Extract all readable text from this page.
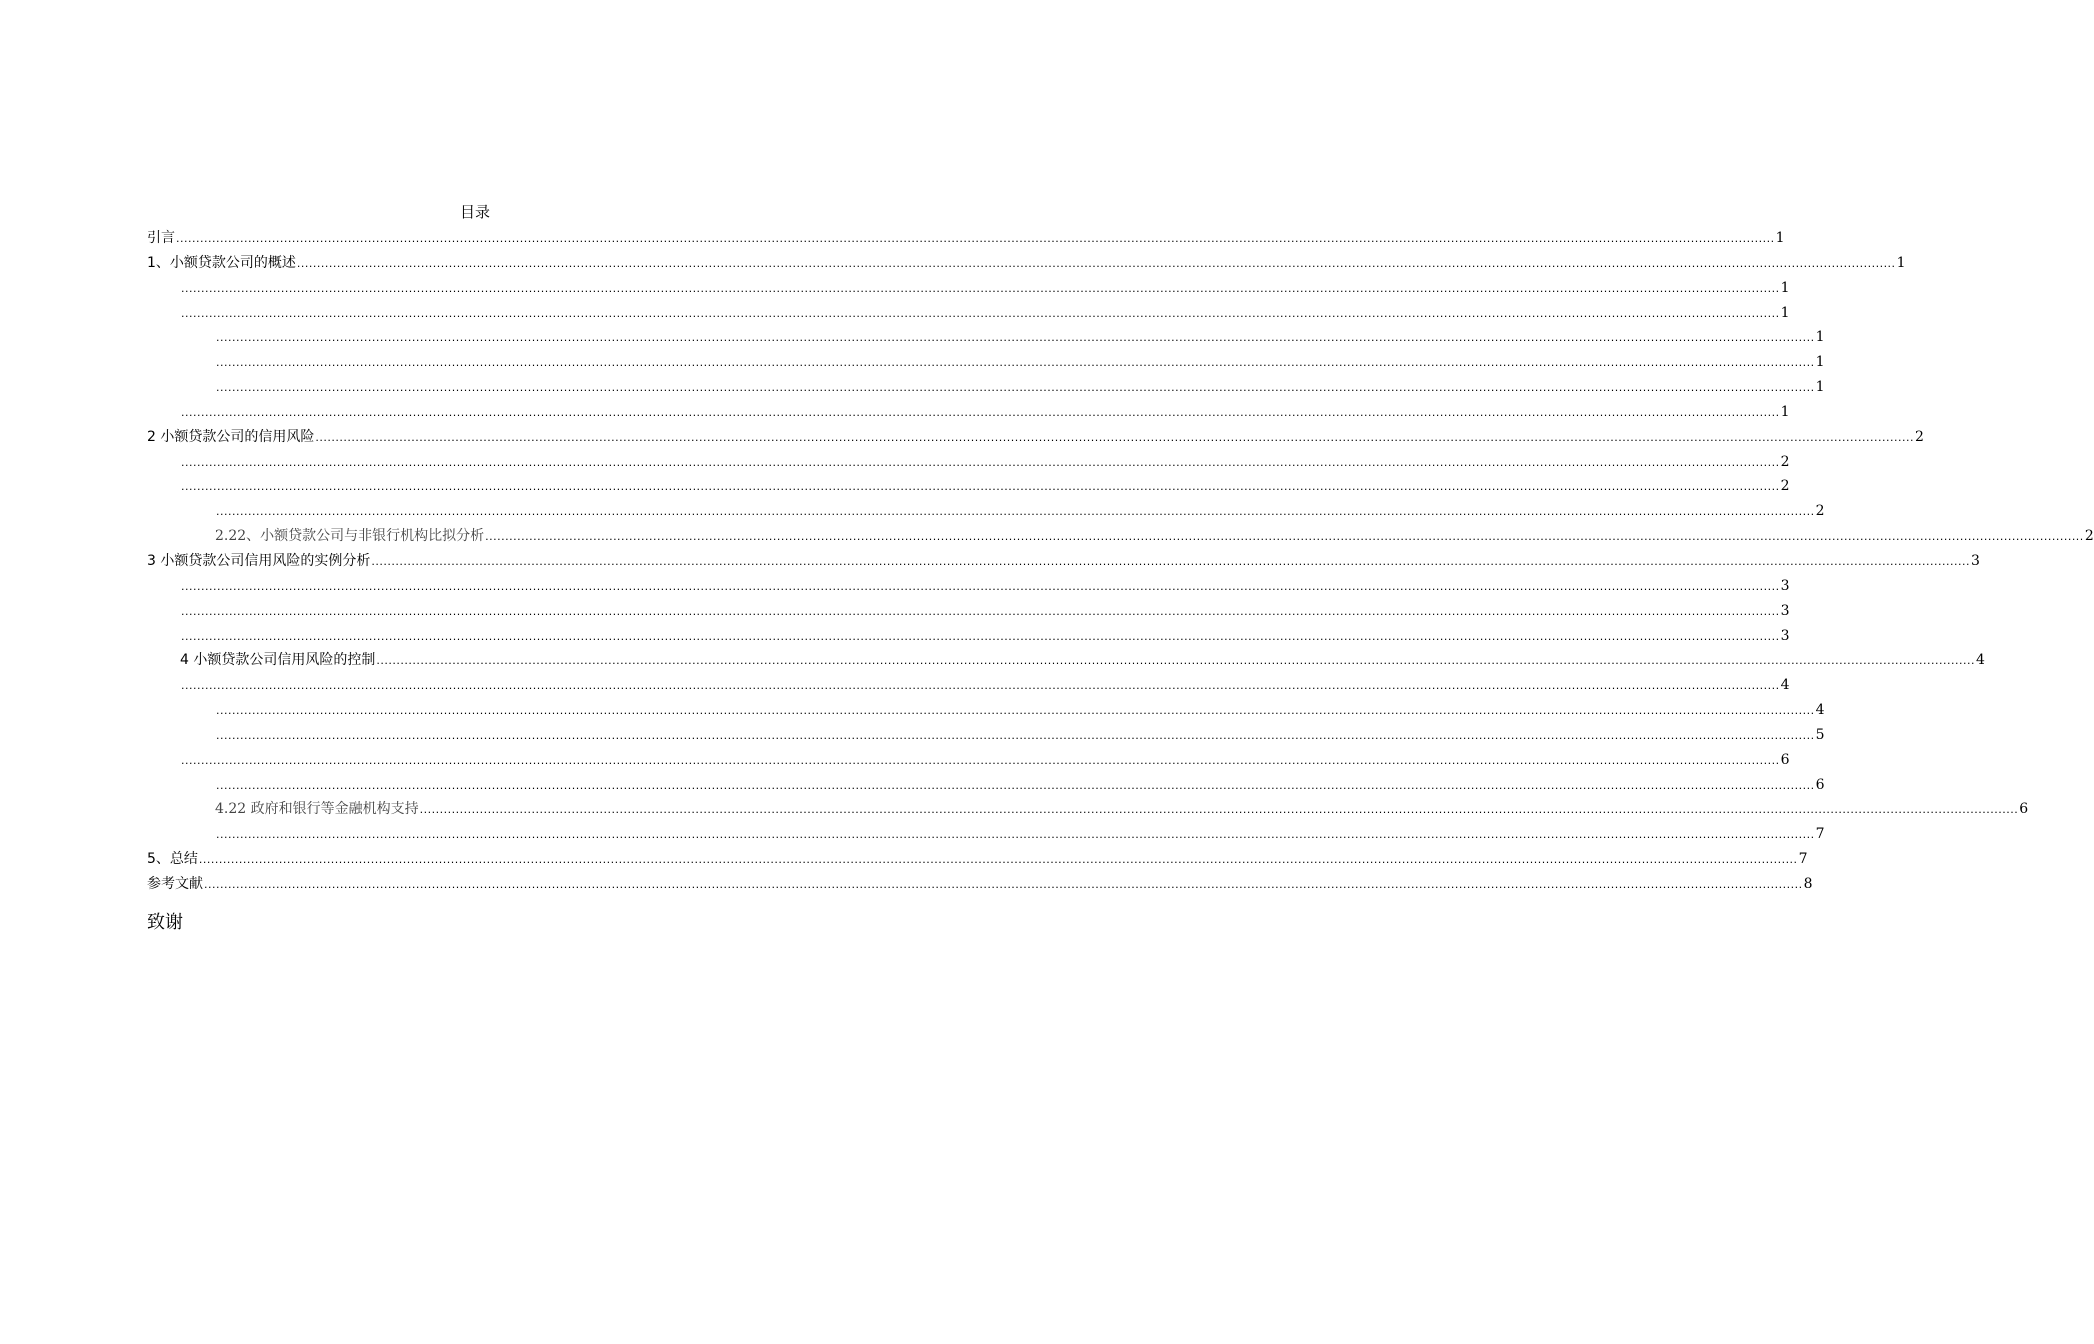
目录
引言 ................................................................................................................................................................................................................................................................................................................................................................................................................ 1
1、小额贷款公司的概述 ................................................................................................................................................................................................................................................................................................................................................................................................................ 1
................................................................................................................................................................................................................................................................................................................................................................................................................ 1
................................................................................................................................................................................................................................................................................................................................................................................................................ 1
................................................................................................................................................................................................................................................................................................................................................................................................................ 1
................................................................................................................................................................................................................................................................................................................................................................................................................ 1
................................................................................................................................................................................................................................................................................................................................................................................................................ 1
................................................................................................................................................................................................................................................................................................................................................................................................................ 1
2 小额贷款公司的信用风险 ................................................................................................................................................................................................................................................................................................................................................................................................................ 2
................................................................................................................................................................................................................................................................................................................................................................................................................ 2
................................................................................................................................................................................................................................................................................................................................................................................................................ 2
................................................................................................................................................................................................................................................................................................................................................................................................................ 2
2.22、小额贷款公司与非银行机构比拟分析 ................................................................................................................................................................................................................................................................................................................................................................................................................ 2
3 小额贷款公司信用风险的实例分析 ................................................................................................................................................................................................................................................................................................................................................................................................................ 3
................................................................................................................................................................................................................................................................................................................................................................................................................ 3
................................................................................................................................................................................................................................................................................................................................................................................................................ 3
................................................................................................................................................................................................................................................................................................................................................................................................................ 3
4 小额贷款公司信用风险的控制 ................................................................................................................................................................................................................................................................................................................................................................................................................ 4
................................................................................................................................................................................................................................................................................................................................................................................................................ 4
................................................................................................................................................................................................................................................................................................................................................................................................................ 4
................................................................................................................................................................................................................................................................................................................................................................................................................ 5
................................................................................................................................................................................................................................................................................................................................................................................................................ 6
................................................................................................................................................................................................................................................................................................................................................................................................................ 6
4.22 政府和银行等金融机构支持 ................................................................................................................................................................................................................................................................................................................................................................................................................ 6
................................................................................................................................................................................................................................................................................................................................................................................................................ 7
5、总结 ................................................................................................................................................................................................................................................................................................................................................................................................................ 7
参考文献 ................................................................................................................................................................................................................................................................................................................................................................................................................ 8
致谢
